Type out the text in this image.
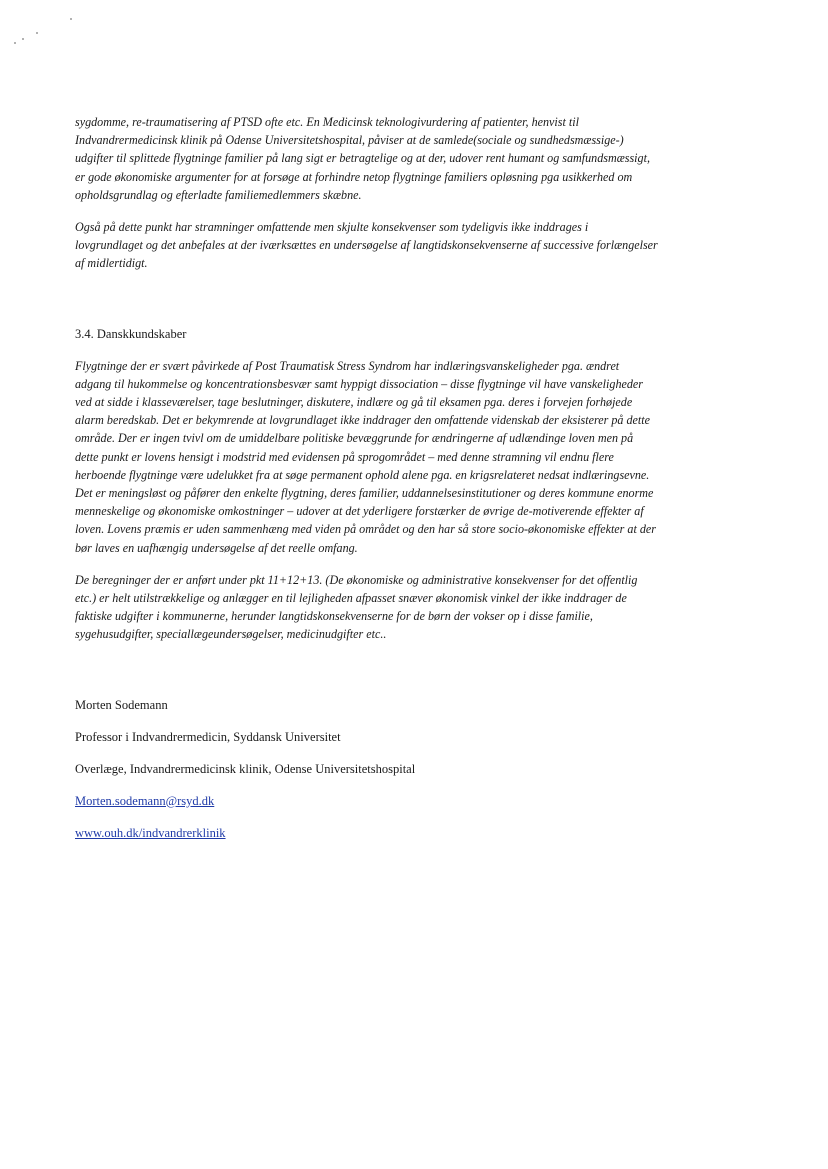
sygdomme, re-traumatisering af PTSD ofte etc. En Medicinsk teknologivurdering af patienter, henvist til
Indvandrermedicinsk klinik på Odense Universitetshospital, påviser at de samlede(sociale og sundhedsmæssige-)
udgifter til splittede flygtninge familier på lang sigt er betragtelige og at der, udover rent humant og samfundsmæssigt,
er gode økonomiske argumenter for at forsøge at forhindre netop flygtninge familiers opløsning pga usikkerhed om
opholdsgrundlag og efterladte familiemedlemmers skæbne.
Også på dette punkt har stramninger omfattende men skjulte konsekvenser som tydeligvis ikke inddrages i
lovgrundlaget og det anbefales at der iværksættes en undersøgelse af langtidskonsekvenserne af successive forlængelser
af midlertidigt.
3.4. Danskkundskaber
Flygtninge der er svært påvirkede af Post Traumatisk Stress Syndrom har indlæringsvanskeligheder pga. ændret
adgang til hukommelse og koncentrationsbesvær samt hyppigt dissociation – disse flygtninge vil have vanskeligheder
ved at sidde i klasseværelser, tage beslutninger, diskutere, indlære og gå til eksamen pga. deres i forvejen forhøjede
alarm beredskab. Det er bekymrende at lovgrundlaget ikke inddrager den omfattende videnskab der eksisterer på dette
område. Der er ingen tvivl om de umiddelbare politiske bevæggrunde for ændringerne af udlændinge loven men på
dette punkt er lovens hensigt i modstrid med evidensen på sprogområdet – med denne stramning vil endnu flere
herboende flygtninge være udelukket fra at søge permanent ophold alene pga. en krigsrelateret nedsat indlæringsevne.
Det er meningsløst og påfører den enkelte flygtning, deres familier, uddannelsesinstitutioner og deres kommune enorme
menneskelige og økonomiske omkostninger – udover at det yderligere forstærker de øvrige de-motiverende effekter af
loven. Lovens præmis er uden sammenhæng med viden på området og den har så store socio-økonomiske effekter at der
bør laves en uafhængig undersøgelse af det reelle omfang.
De beregninger der er anført under pkt 11+12+13. (De økonomiske og administrative konsekvenser for det offentlig
etc.) er helt utilstrækkelige og anlægger en til lejligheden afpasset snæver økonomisk vinkel der ikke inddrager de
faktiske udgifter i kommunerne, herunder langtidskonsekvenserne for de børn der vokser op i disse familie,
sygehusudgifter, speciallægeundersøgelser, medicinudgifter etc..
Morten Sodemann
Professor i Indvandrermedicin, Syddansk Universitet
Overlæge, Indvandrermedicinsk klinik, Odense Universitetshospital
Morten.sodemann@rsyd.dk
www.ouh.dk/indvandrerklinik
